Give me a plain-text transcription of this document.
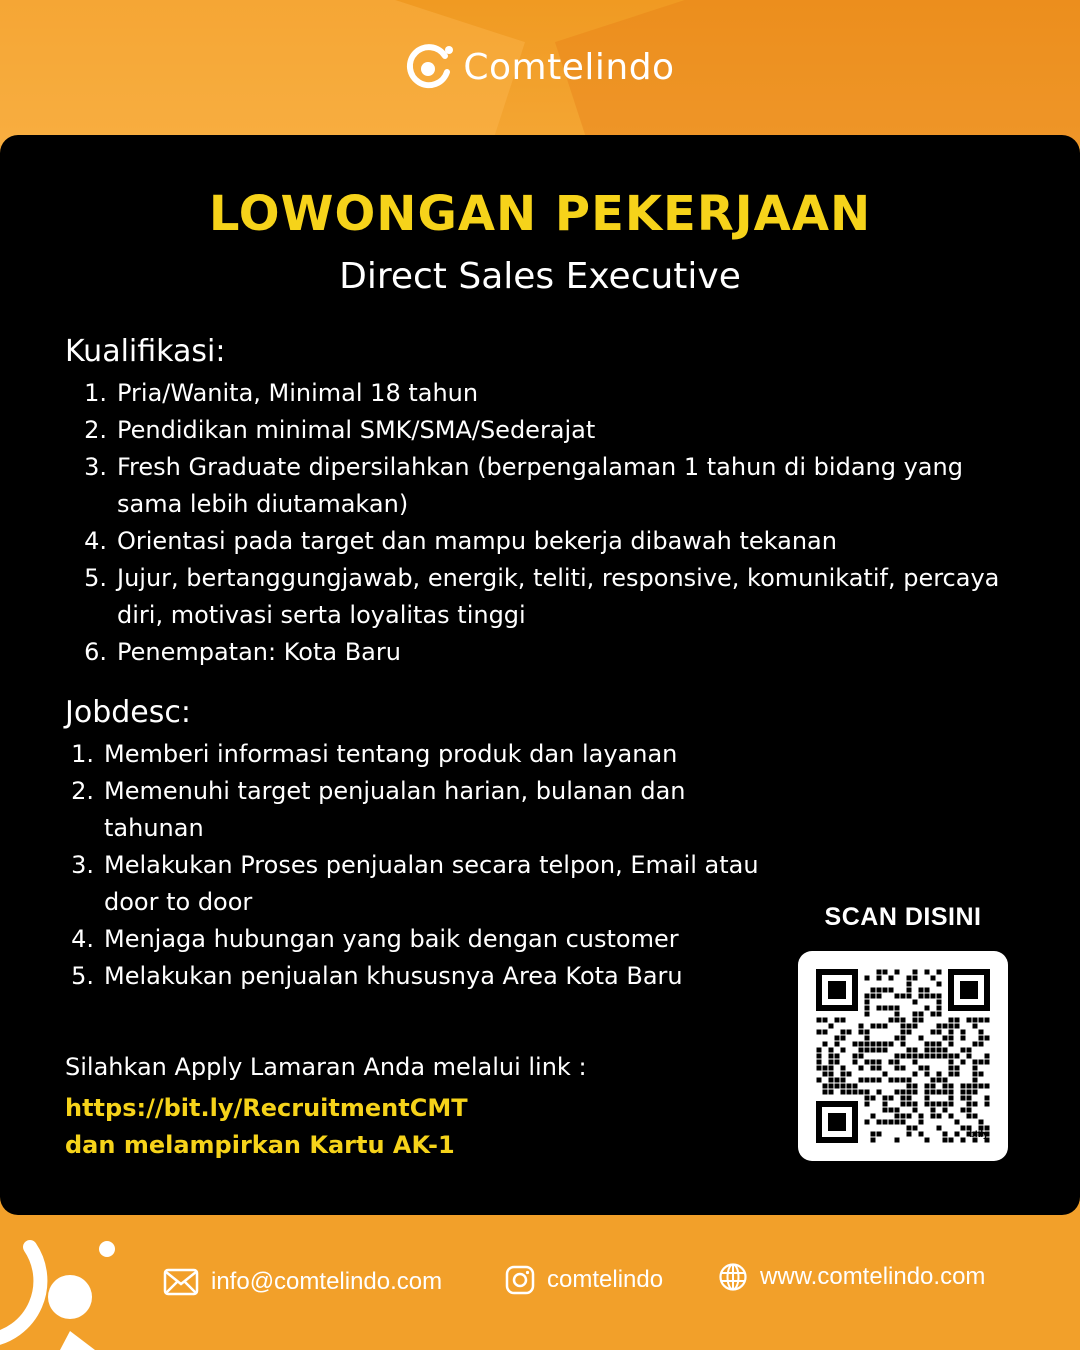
Comtelindo
LOWONGAN PEKERJAAN
Direct Sales Executive
Kualifikasi:
1. Pria/Wanita, Minimal 18 tahun
2. Pendidikan minimal SMK/SMA/Sederajat
3. Fresh Graduate dipersilahkan (berpengalaman 1 tahun di bidang yang sama lebih diutamakan)
4. Orientasi pada target dan mampu bekerja dibawah tekanan
5. Jujur, bertanggungjawab, energik, teliti, responsive, komunikatif, percaya diri, motivasi serta loyalitas tinggi
6. Penempatan: Kota Baru
Jobdesc:
1. Memberi informasi tentang produk dan layanan
2. Memenuhi target penjualan harian, bulanan dan tahunan
3. Melakukan Proses penjualan secara telpon, Email atau door to door
4. Menjaga hubungan yang baik dengan customer
5. Melakukan penjualan khususnya Area Kota Baru
Silahkan Apply Lamaran Anda melalui link :
https://bit.ly/RecruitmentCMT
dan melampirkan Kartu AK-1
SCAN DISINI
bitly
info@comtelindo.com	comtelindo	www.comtelindo.com
